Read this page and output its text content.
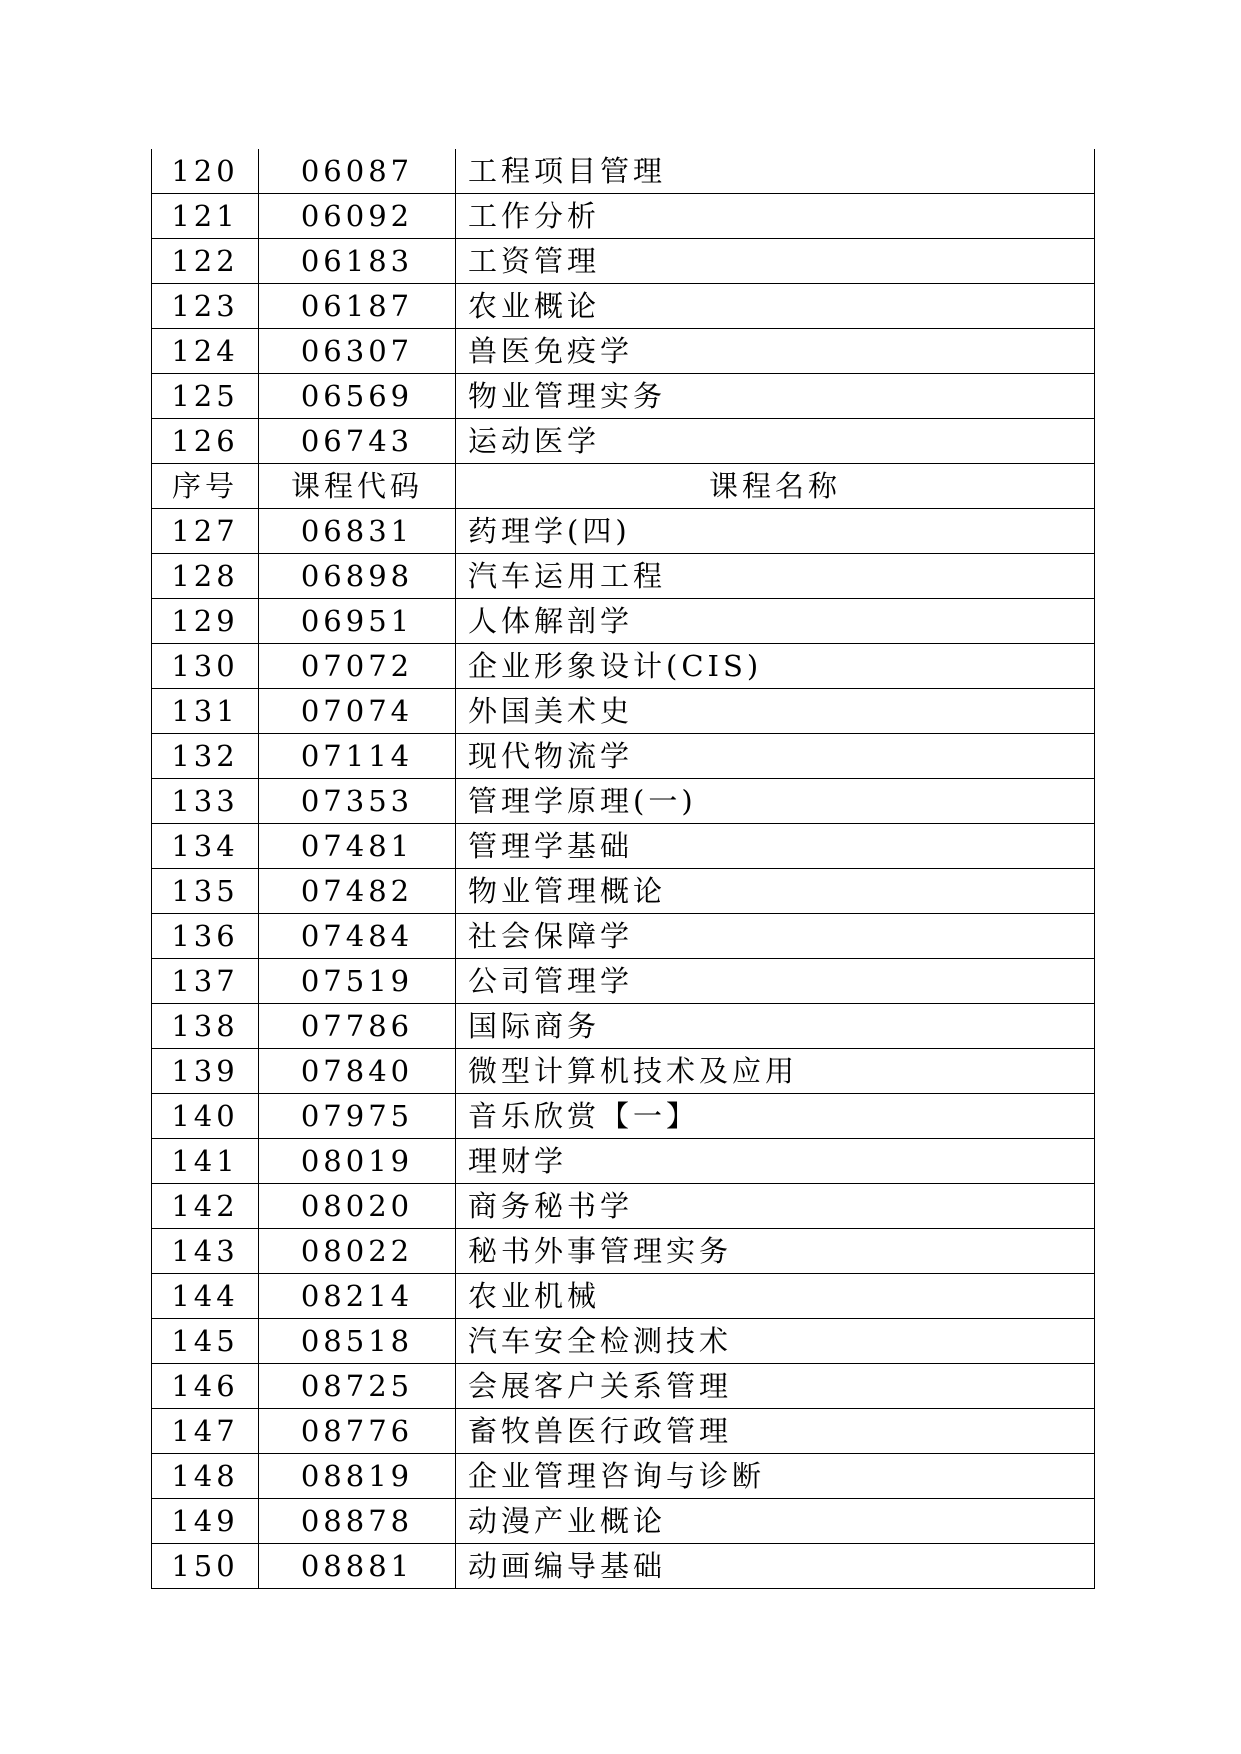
120	06087	工程项目管理
121	06092	工作分析
122	06183	工资管理
123	06187	农业概论
124	06307	兽医免疫学
125	06569	物业管理实务
126	06743	运动医学
序号	课程代码	课程名称
127	06831	药理学(四)
128	06898	汽车运用工程
129	06951	人体解剖学
130	07072	企业形象设计(CIS)
131	07074	外国美术史
132	07114	现代物流学
133	07353	管理学原理(一)
134	07481	管理学基础
135	07482	物业管理概论
136	07484	社会保障学
137	07519	公司管理学
138	07786	国际商务
139	07840	微型计算机技术及应用
140	07975	音乐欣赏【一】
141	08019	理财学
142	08020	商务秘书学
143	08022	秘书外事管理实务
144	08214	农业机械
145	08518	汽车安全检测技术
146	08725	会展客户关系管理
147	08776	畜牧兽医行政管理
148	08819	企业管理咨询与诊断
149	08878	动漫产业概论
150	08881	动画编导基础
